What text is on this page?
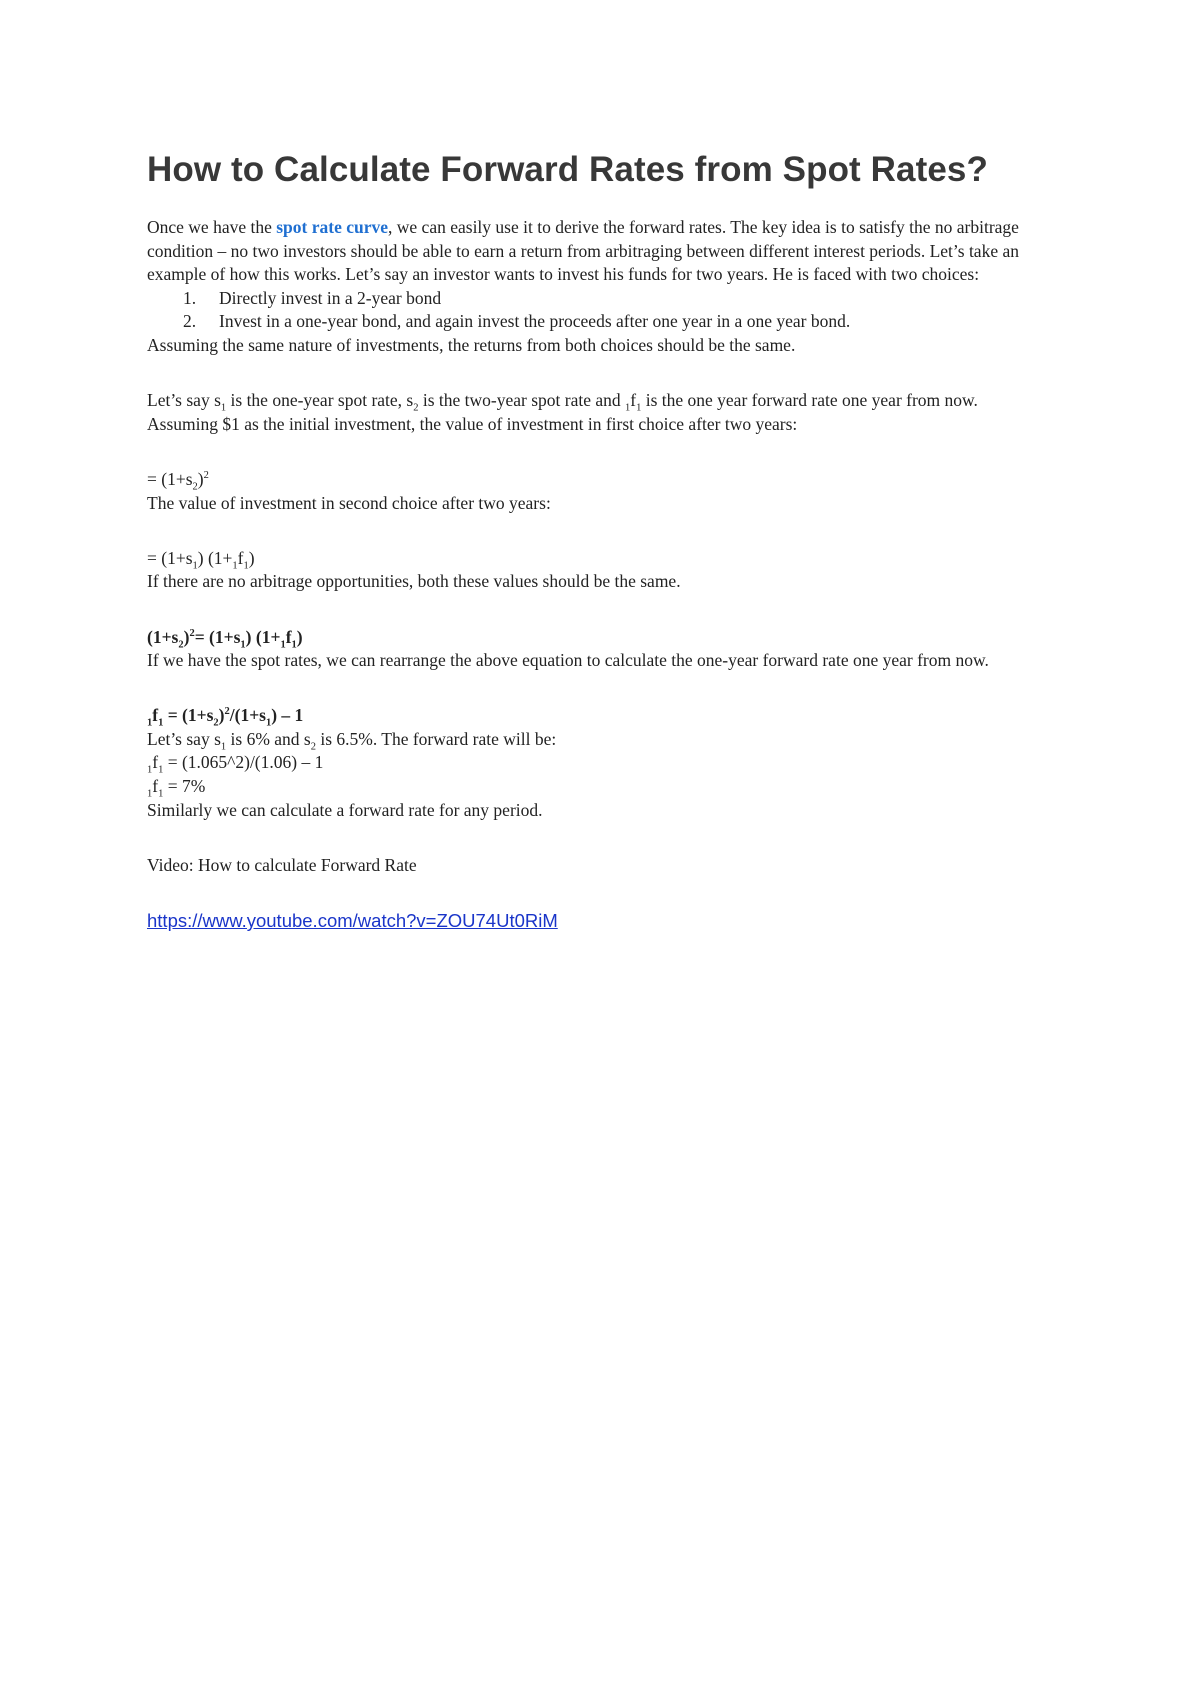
How to Calculate Forward Rates from Spot Rates?

Once we have the spot rate curve, we can easily use it to derive the forward rates. The key idea is to satisfy the no arbitrage condition – no two investors should be able to earn a return from arbitraging between different interest periods. Let’s take an example of how this works. Let’s say an investor wants to invest his funds for two years. He is faced with two choices:

1. Directly invest in a 2-year bond
2. Invest in a one-year bond, and again invest the proceeds after one year in a one year bond.

Assuming the same nature of investments, the returns from both choices should be the same.

Let’s say $s_1$ is the one-year spot rate, $s_2$ is the two-year spot rate and $_1f_1$ is the one year forward rate one year from now.

Assuming $1 as the initial investment, the value of investment in first choice after two years:

= $(1+s_2)^2$

The value of investment in second choice after two years:

= $(1+s_1)$ $(1+_1f_1)$

If there are no arbitrage opportunities, both these values should be the same.

$(1+s_2)^2= (1+s_1)$ $(1+_1f_1)$

If we have the spot rates, we can rearrange the above equation to calculate the one-year forward rate one year from now.

$_1f_1 = (1+s_2)^2/(1+s_1) - 1$

Let’s say $s_1$ is 6% and $s_2$ is 6.5%. The forward rate will be:

$_1f_1$ = (1.065^2)/(1.06) – 1

$_1f_1 = 7\%$

Similarly we can calculate a forward rate for any period.

Video: How to calculate Forward Rate

https://www.youtube.com/watch?v=ZOU74Ut0RiM
